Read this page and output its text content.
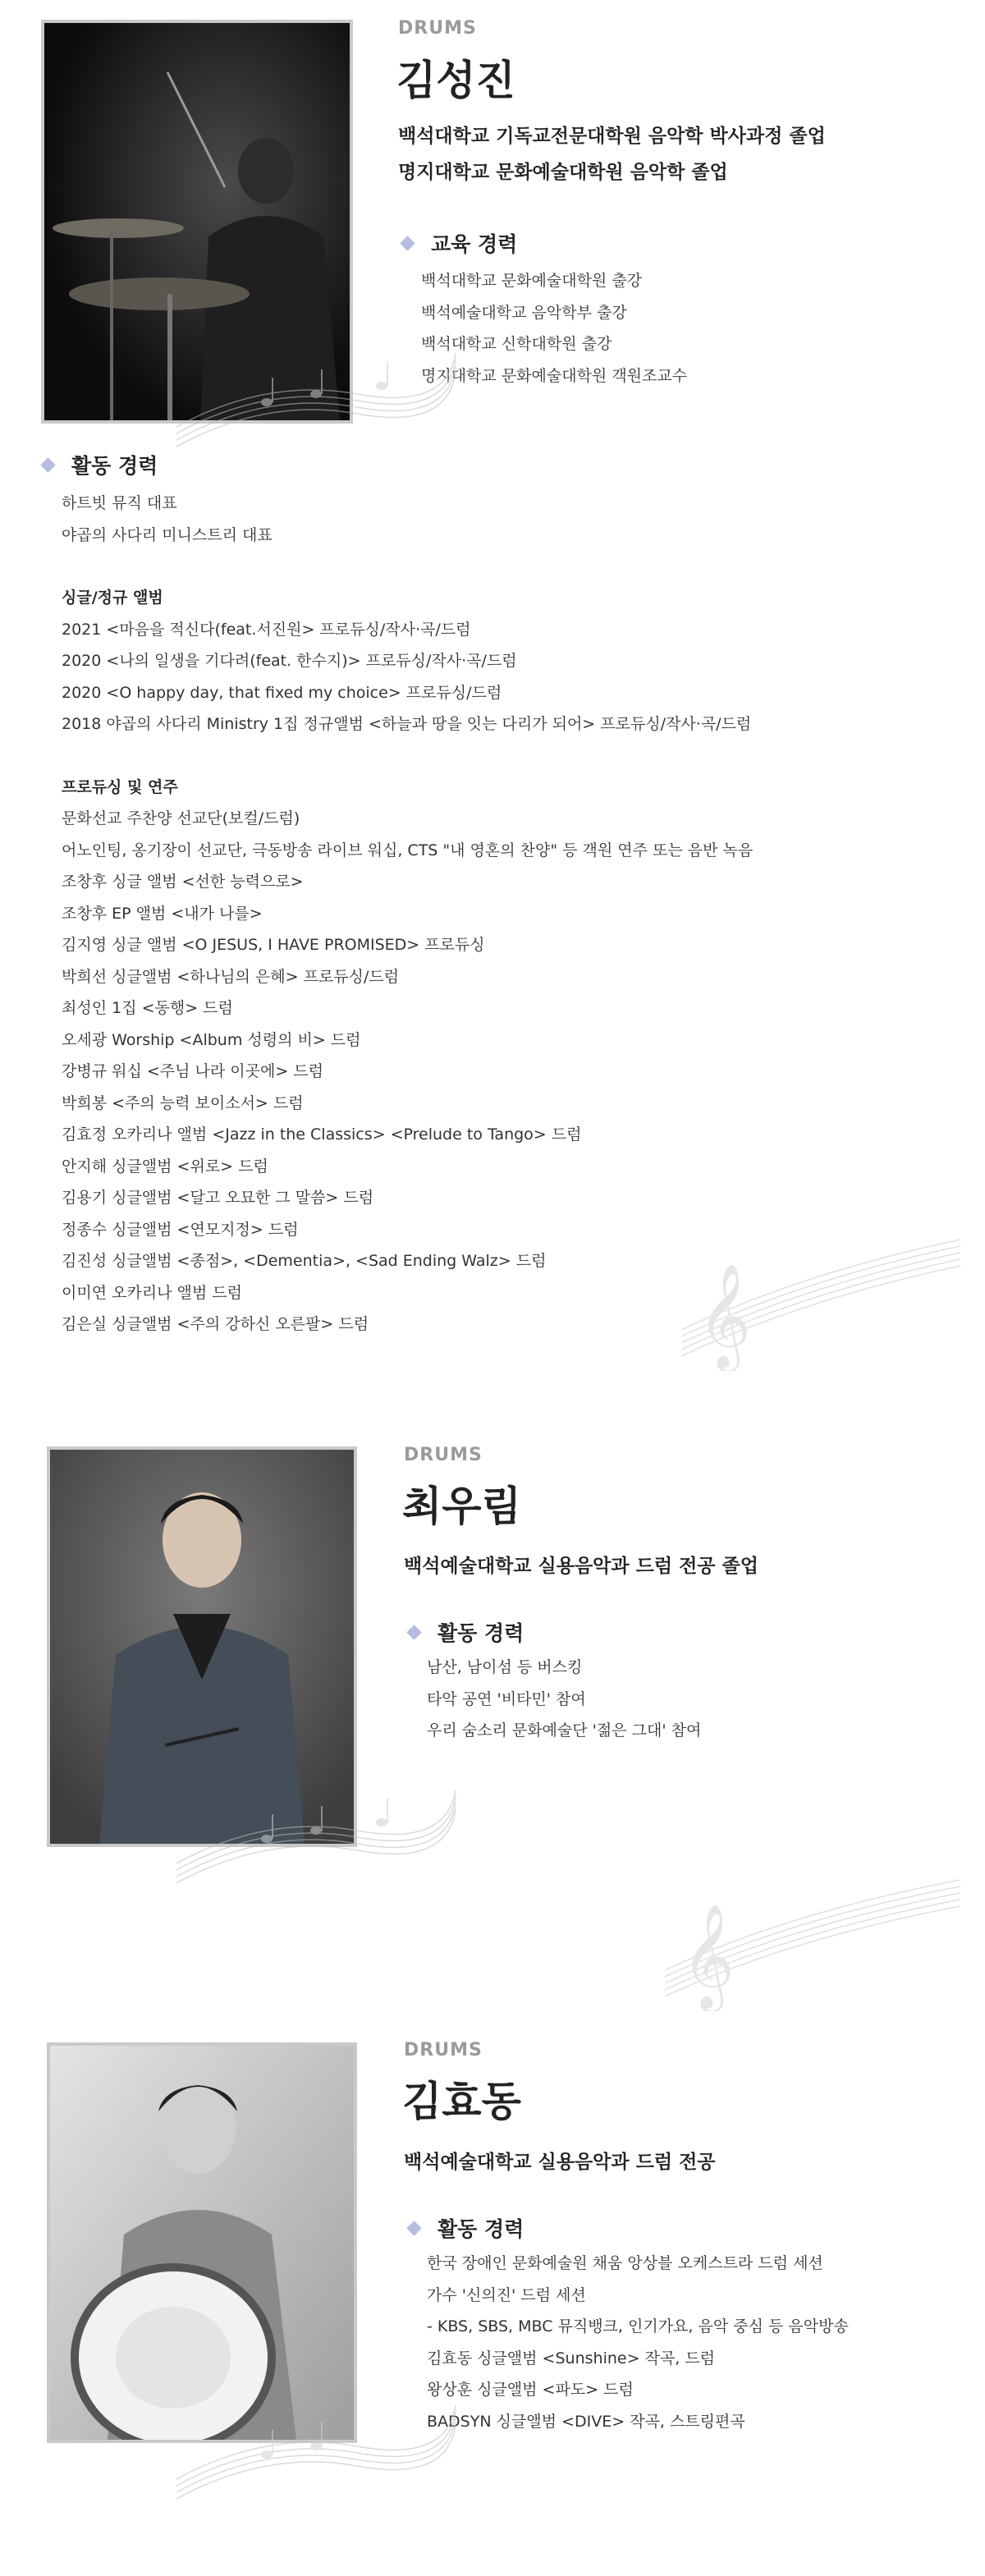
DRUMS
김성진
백석대학교 기독교전문대학원 음악학 박사과정 졸업
명지대학교 문화예술대학원 음악학 졸업
교육 경력
백석대학교 문화예술대학원 출강
백석예술대학교 음악학부 출강
백석대학교 신학대학원 출강
명지대학교 문화예술대학원 객원조교수
활동 경력
하트빗 뮤직 대표
야곱의 사다리 미니스트리 대표
싱글/정규 앨범
2021 <마음을 적신다(feat.서진원> 프로듀싱/작사·곡/드럼
2020 <나의 일생을 기다려(feat. 한수지)> 프로듀싱/작사·곡/드럼
2020 <O happy day, that fixed my choice> 프로듀싱/드럼
2018 야곱의 사다리 Ministry 1집 정규앨범 <하늘과 땅을 잇는 다리가 되어> 프로듀싱/작사·곡/드럼
프로듀싱 및 연주
문화선교 주찬양 선교단(보컬/드럼)
어노인팅, 옹기장이 선교단, 극동방송 라이브 워십, CTS "내 영혼의 찬양" 등 객원 연주 또는 음반 녹음
조창후 싱글 앨범 <선한 능력으로>
조창후 EP 앨범 <내가 나를>
김지영 싱글 앨범 <O JESUS, I HAVE PROMISED> 프로듀싱
박희선 싱글앨범 <하나님의 은혜> 프로듀싱/드럼
최성인 1집 <동행> 드럼
오세광 Worship <Album 성령의 비> 드럼
강병규 워십 <주님 나라 이곳에> 드럼
박희봉 <주의 능력 보이소서> 드럼
김효정 오카리나 앨범 <Jazz in the Classics> <Prelude to Tango> 드럼
안지해 싱글앨범 <위로> 드럼
김용기 싱글앨범 <달고 오묘한 그 말씀> 드럼
정종수 싱글앨범 <연모지정> 드럼
김진성 싱글앨범 <종점>, <Dementia>, <Sad Ending Walz> 드럼
이미연 오카리나 앨범 드럼
김은실 싱글앨범 <주의 강하신 오른팔> 드럼	𝄞
DRUMS
최우림
백석예술대학교 실용음악과 드럼 전공 졸업
활동 경력
남산, 남이섬 등 버스킹
타악 공연 '비타민' 참여
우리 숨소리 문화예술단 '젊은 그대' 참여
𝄞
DRUMS
김효동
백석예술대학교 실용음악과 드럼 전공
활동 경력
한국 장애인 문화예술원 채움 앙상블 오케스트라 드럼 세션
가수 '신의진' 드럼 세션
- KBS, SBS, MBC 뮤직뱅크, 인기가요, 음악 중심 등 음악방송
김효동 싱글앨범 <Sunshine> 작곡, 드럼
왕상훈 싱글앨범 <파도> 드럼
BADSYN 싱글앨범 <DIVE> 작곡, 스트링편곡
